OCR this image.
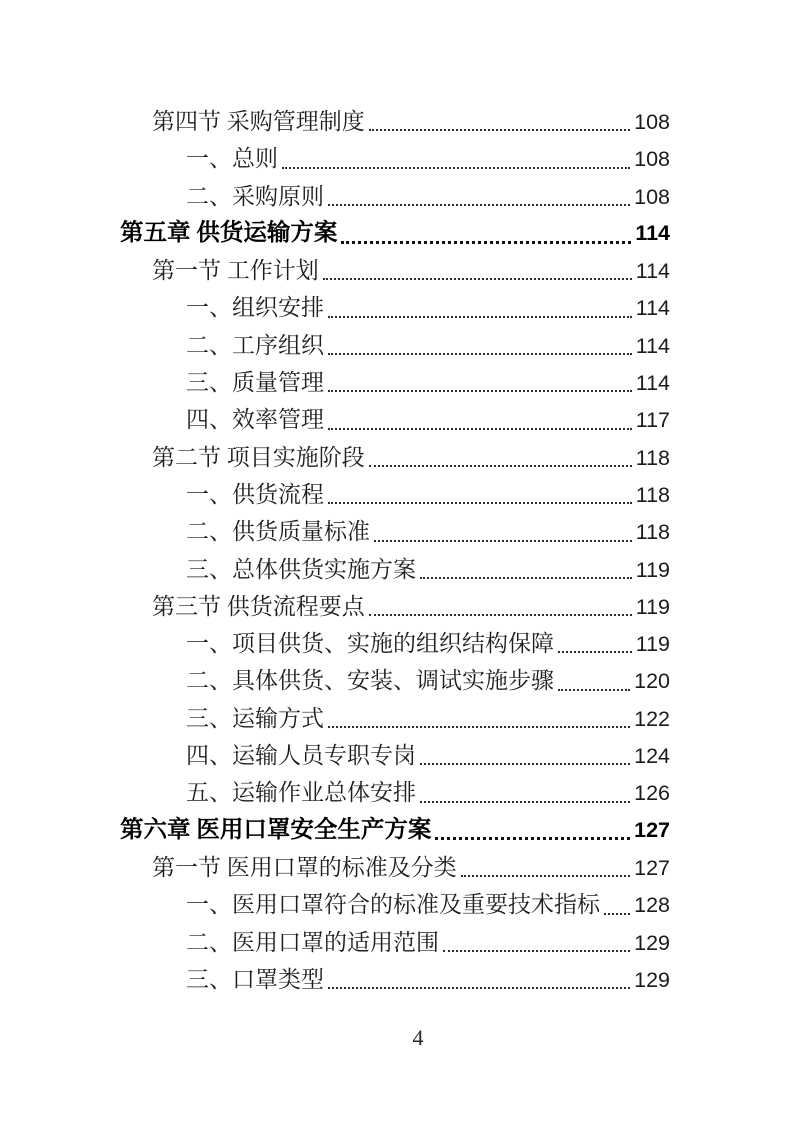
第四节 采购管理制度	108
一、总则	108
二、采购原则	108
第五章 供货运输方案	114
第一节 工作计划	114
一、组织安排	114
二、工序组织	114
三、质量管理	114
四、效率管理	117
第二节 项目实施阶段	118
一、供货流程	118
二、供货质量标准	118
三、总体供货实施方案	119
第三节 供货流程要点	119
一、项目供货、实施的组织结构保障	119
二、具体供货、安装、调试实施步骤	120
三、运输方式	122
四、运输人员专职专岗	124
五、运输作业总体安排	126
第六章 医用口罩安全生产方案	127
第一节 医用口罩的标准及分类	127
一、医用口罩符合的标准及重要技术指标 128
二、医用口罩的适用范围	129
三、口罩类型	129
4
